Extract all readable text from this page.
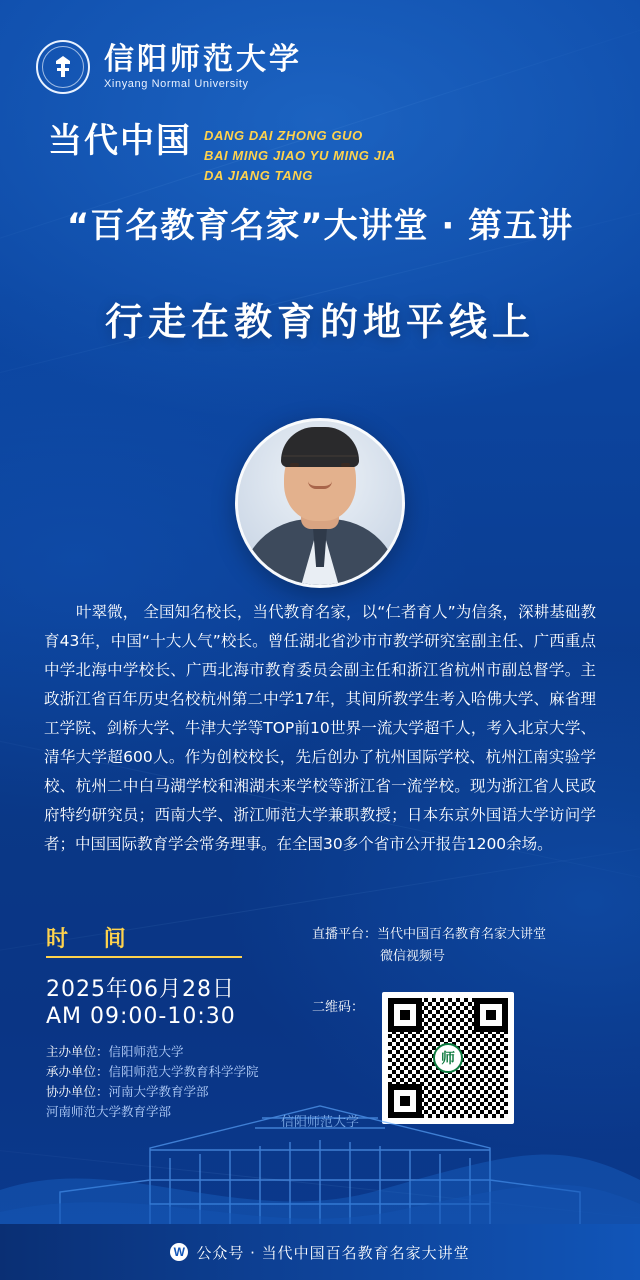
信阳师范大学
Xinyang Normal University
当代中国 DANG DAI ZHONG GUO
BAI MING JIAO YU MING JIA
DA JIANG TANG
“百名教育名家”大讲堂 · 第五讲
行走在教育的地平线上
叶翠微， 全国知名校长，当代教育名家，以“仁者育人”为信条，深耕基础教育43年，中国“十大人气”校长。曾任湖北省沙市市教学研究室副主任、广西重点中学北海中学校长、广西北海市教育委员会副主任和浙江省杭州市副总督学。主政浙江省百年历史名校杭州第二中学17年，其间所教学生考入哈佛大学、麻省理工学院、剑桥大学、牛津大学等TOP前10世界一流大学超千人，考入北京大学、清华大学超600人。作为创校校长，先后创办了杭州国际学校、杭州江南实验学校、杭州二中白马湖学校和湘湖未来学校等浙江省一流学校。现为浙江省人民政府特约研究员；西南大学、浙江师范大学兼职教授；日本东京外国语大学访问学者；中国国际教育学会常务理事。在全国30多个省市公开报告1200余场。
时 间
2025年06月28日
AM 09:00-10:30
主办单位：信阳师范大学
承办单位：信阳师范大学教育科学学院
协办单位：河南大学教育学部
河南师范大学教育学部
直播平台：当代中国百名教育名家大讲堂
微信视频号
二维码：
师
信阳师范大学
W 公众号 · 当代中国百名教育名家大讲堂
